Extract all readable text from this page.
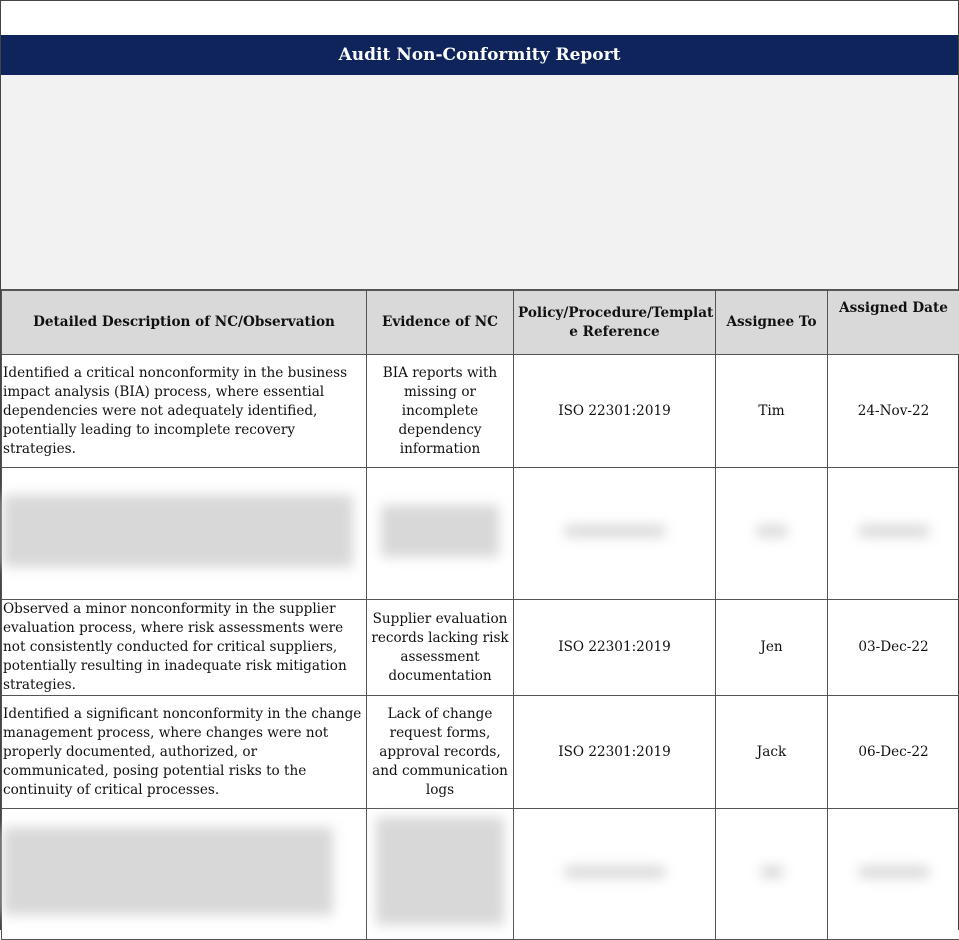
Audit Non-Conformity Report
Detailed Description of NC/Observation	Evidence of NC	Policy/Procedure/Templat e Reference	Assignee To	Assigned Date
Identified a critical nonconformity in the business impact analysis (BIA) process, where essential dependencies were not adequately identified, potentially leading to incomplete recovery strategies.	BIA reports with missing or incomplete dependency information	ISO 22301:2019	Tim	24-Nov-22

Observed a minor nonconformity in the supplier evaluation process, where risk assessments were not consistently conducted for critical suppliers, potentially resulting in inadequate risk mitigation strategies.	Supplier evaluation records lacking risk assessment documentation	ISO 22301:2019	Jen	03-Dec-22
Identified a significant nonconformity in the change management process, where changes were not properly documented, authorized, or communicated, posing potential risks to the continuity of critical processes.	Lack of change request forms, approval records, and communication logs	ISO 22301:2019	Jack	06-Dec-22
